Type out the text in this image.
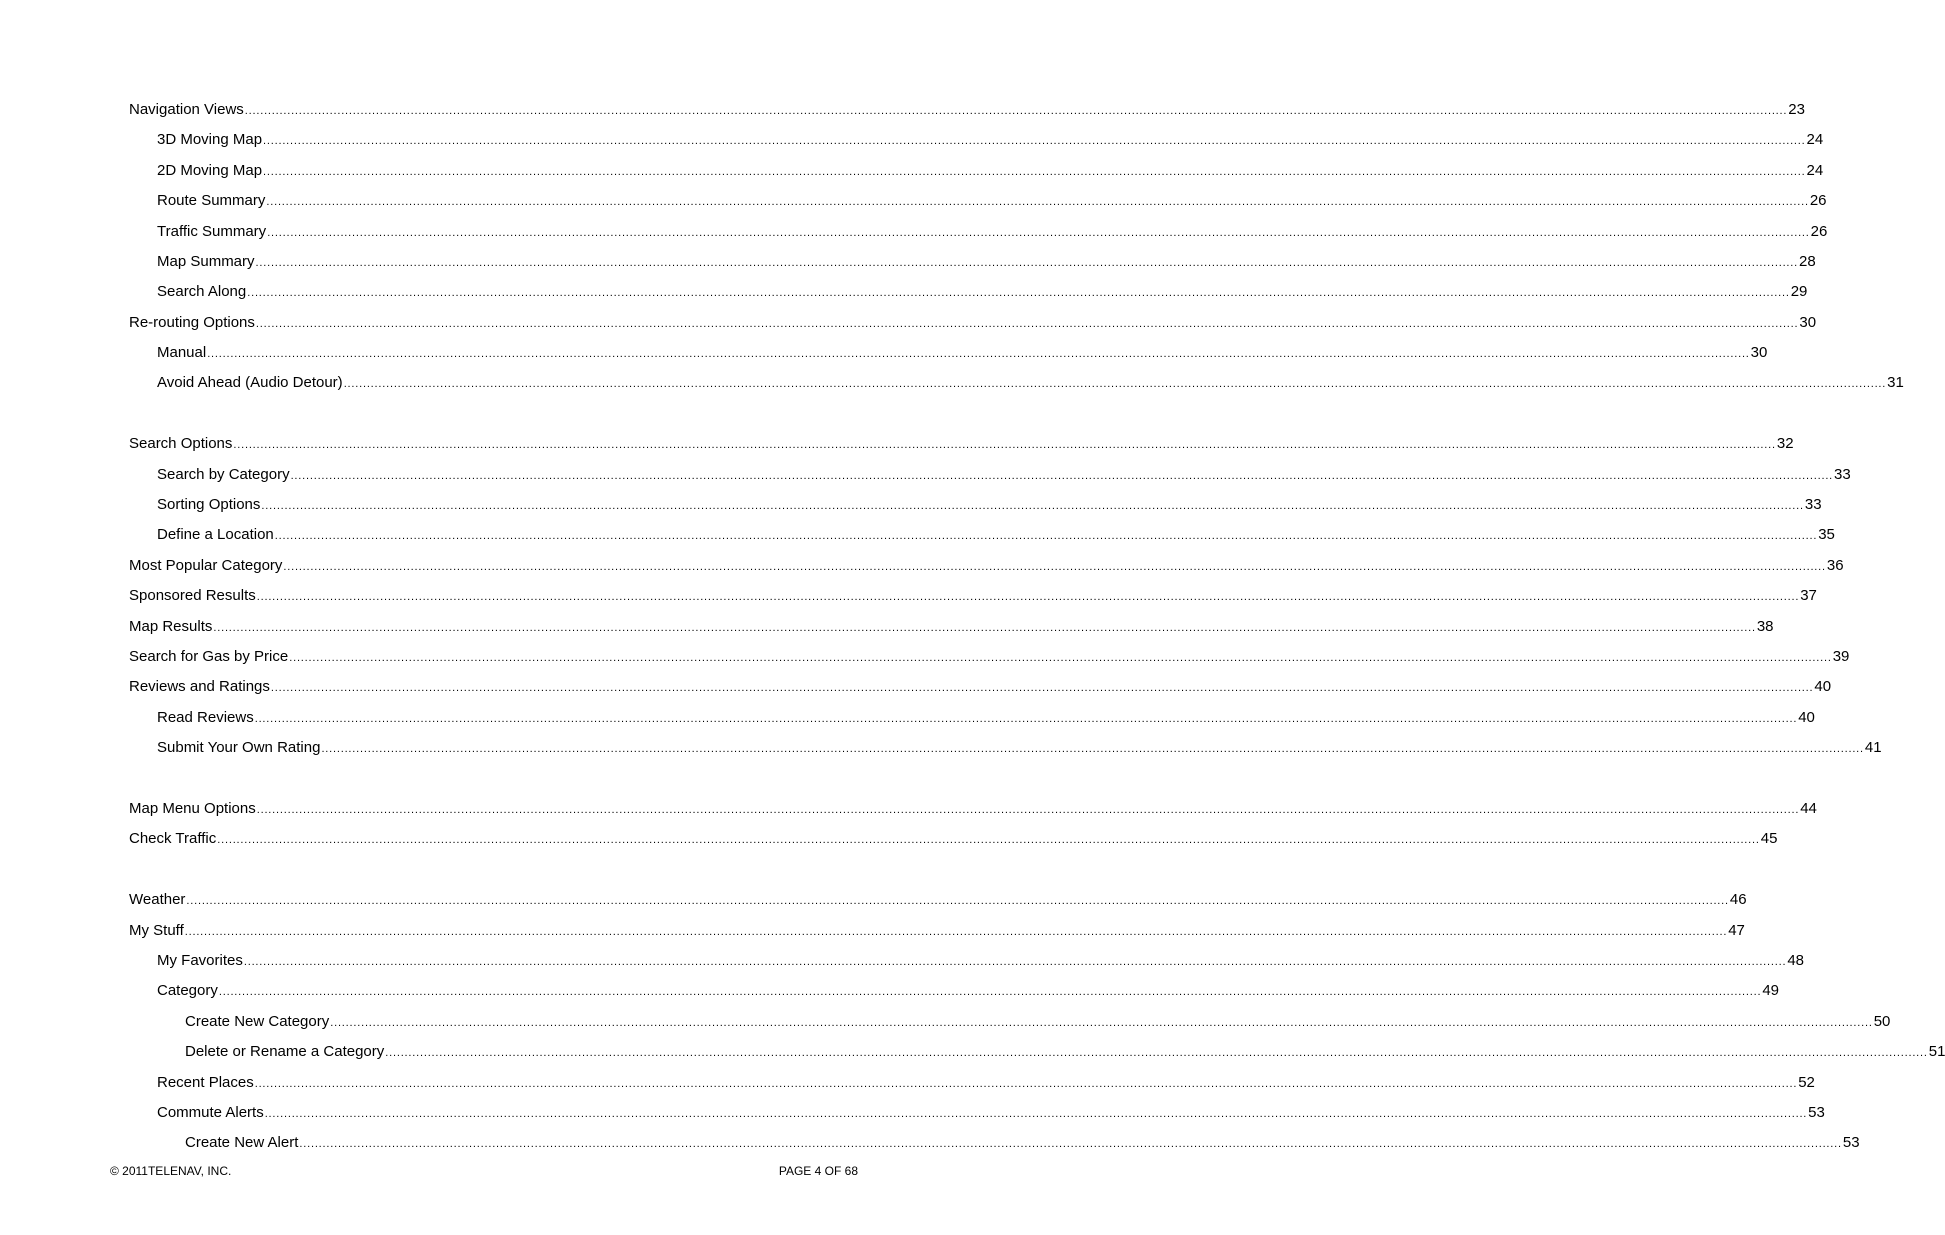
Navigation Views ................................................................................................................................................................................................................................................................................................................................................................................................................ 23
3D Moving Map ................................................................................................................................................................................................................................................................................................................................................................................................................ 24
2D Moving Map ................................................................................................................................................................................................................................................................................................................................................................................................................ 24
Route Summary ................................................................................................................................................................................................................................................................................................................................................................................................................ 26
Traffic Summary ................................................................................................................................................................................................................................................................................................................................................................................................................ 26
Map Summary ................................................................................................................................................................................................................................................................................................................................................................................................................ 28
Search Along ................................................................................................................................................................................................................................................................................................................................................................................................................ 29
Re-routing Options ................................................................................................................................................................................................................................................................................................................................................................................................................ 30
Manual ................................................................................................................................................................................................................................................................................................................................................................................................................ 30
Avoid Ahead (Audio Detour) ................................................................................................................................................................................................................................................................................................................................................................................................................ 31
Search Options ................................................................................................................................................................................................................................................................................................................................................................................................................ 32
Search by Category ................................................................................................................................................................................................................................................................................................................................................................................................................ 33
Sorting Options ................................................................................................................................................................................................................................................................................................................................................................................................................ 33
Define a Location ................................................................................................................................................................................................................................................................................................................................................................................................................ 35
Most Popular Category ................................................................................................................................................................................................................................................................................................................................................................................................................ 36
Sponsored Results ................................................................................................................................................................................................................................................................................................................................................................................................................ 37
Map Results ................................................................................................................................................................................................................................................................................................................................................................................................................ 38
Search for Gas by Price ................................................................................................................................................................................................................................................................................................................................................................................................................ 39
Reviews and Ratings ................................................................................................................................................................................................................................................................................................................................................................................................................ 40
Read Reviews ................................................................................................................................................................................................................................................................................................................................................................................................................ 40
Submit Your Own Rating ................................................................................................................................................................................................................................................................................................................................................................................................................ 41
Map Menu Options ................................................................................................................................................................................................................................................................................................................................................................................................................ 44
Check Traffic ................................................................................................................................................................................................................................................................................................................................................................................................................ 45
Weather ................................................................................................................................................................................................................................................................................................................................................................................................................ 46
My Stuff ................................................................................................................................................................................................................................................................................................................................................................................................................ 47
My Favorites ................................................................................................................................................................................................................................................................................................................................................................................................................ 48
Category ................................................................................................................................................................................................................................................................................................................................................................................................................ 49
Create New Category ................................................................................................................................................................................................................................................................................................................................................................................................................ 50
Delete or Rename a Category ................................................................................................................................................................................................................................................................................................................................................................................................................ 51
Recent Places ................................................................................................................................................................................................................................................................................................................................................................................................................ 52
Commute Alerts ................................................................................................................................................................................................................................................................................................................................................................................................................ 53
Create New Alert ................................................................................................................................................................................................................................................................................................................................................................................................................ 53
© 2011TELENAV, INC.	PAGE 4 OF 68
